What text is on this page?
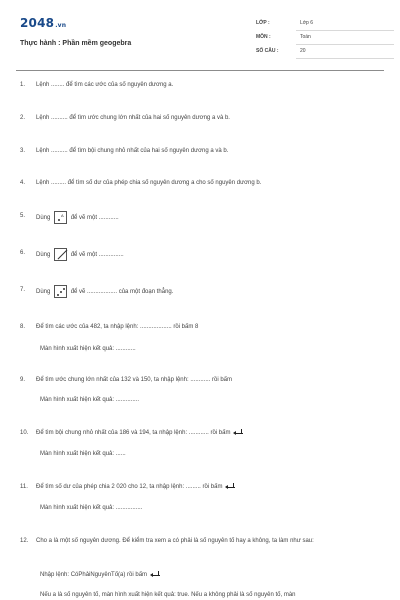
2048.vn
Thực hành : Phần mềm geogebra
LỚP :	Lớp 6
MÔN :	Toán
SỐ CÂU :	20
1. Lệnh ........ để tìm các ước của số nguyên dương a.
2. Lệnh .......... để tìm ước chung lớn nhất của hai số nguyên dương a và b.
3. Lệnh .......... để tìm bội chung nhỏ nhất của hai số nguyên dương a và b.
4. Lệnh ......... để tìm số dư của phép chia số nguyên dương a cho số nguyên dương b.
5. Dùng	A để vẽ một ............
6. Dùng	để vẽ một ...............
7. Dùng	để vẽ .................. của một đoạn thẳng.
8. Để tìm các ước của 482, ta nhập lệnh: ................... rồi bấm 8
Màn hình xuất hiện kết quả: ............
9. Để tìm ước chung lớn nhất của 132 và 150, ta nhập lệnh: ............ rồi bấm
Màn hình xuất hiện kết quả: ..............
10. Để tìm bội chung nhỏ nhất của 186 và 194, ta nhập lệnh: ............ rồi bấm
Màn hình xuất hiện kết quả: ......
11. Để tìm số dư của phép chia 2 020 cho 12, ta nhập lệnh: ......... rồi bấm
Màn hình xuất hiện kết quả: ................
12. Cho a là một số nguyên dương. Để kiểm tra xem a có phải là số nguyên tố hay a không, ta làm như sau:
Nhập lệnh: CóPhảiNguyênTố(a) rồi bấm
Nếu a là số nguyên tố, màn hình xuất hiện kết quả: true. Nếu a không phải là số nguyên tố, màn
